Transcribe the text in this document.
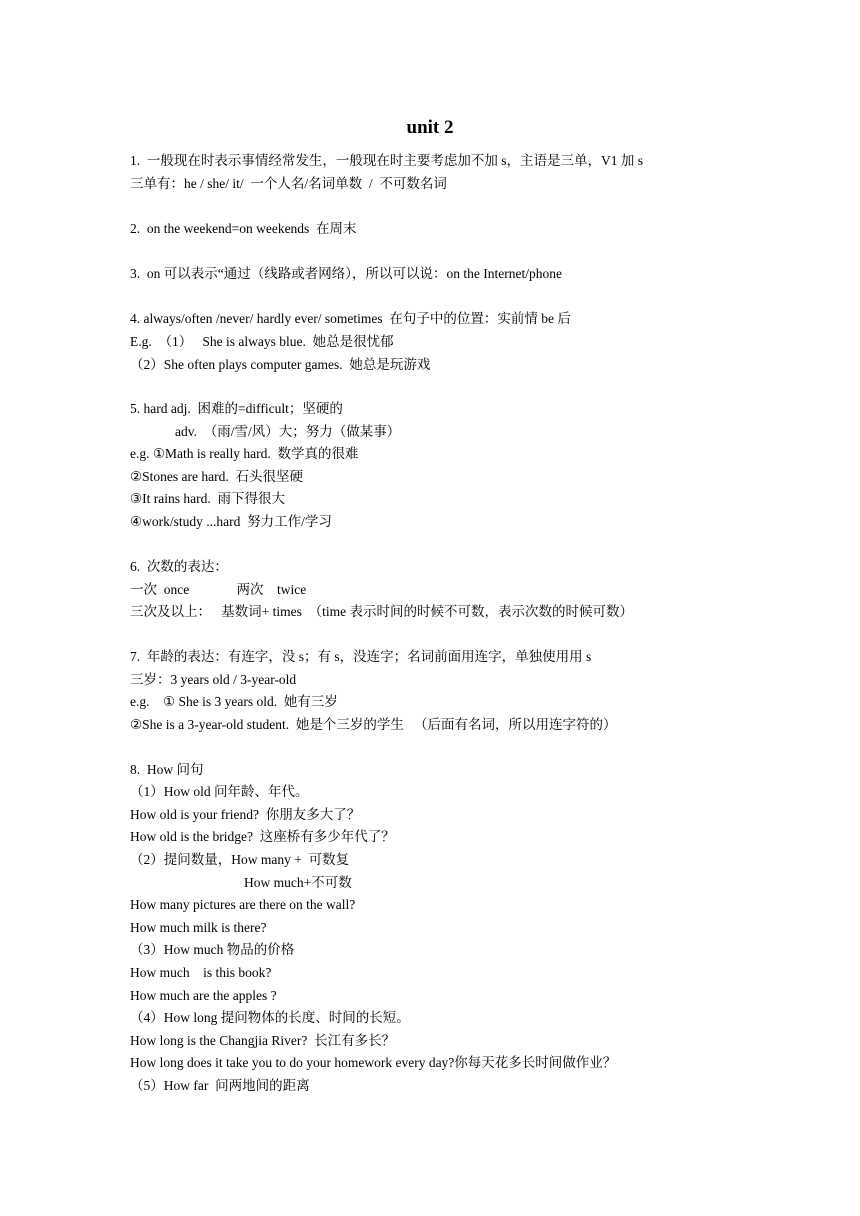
unit 2
1.  一般现在时表示事情经常发生，一般现在时主要考虑加不加 s，主语是三单，V1 加 s
三单有：he / she/ it/  一个人名/名词单数  /  不可数名词
2.  on the weekend=on weekends  在周末
3.  on 可以表示“通过（线路或者网络），所以可以说：on the Internet/phone
4. always/often /never/ hardly ever/ sometimes  在句子中的位置：实前情 be 后
E.g.  （1）   She is always blue.  她总是很忧郁
（2）She often plays computer games.  她总是玩游戏
5. hard adj.  困难的=difficult；坚硬的
adv.  （雨/雪/风）大；努力（做某事）
e.g. ①Math is really hard.  数学真的很难
②Stones are hard.  石头很坚硬
③It rains hard.  雨下得很大
④work/study ...hard  努力工作/学习
6.  次数的表达：
一次  once              两次    twice
三次及以上：   基数词+ times  （time 表示时间的时候不可数，表示次数的时候可数）
7.  年龄的表达：有连字，没 s；有 s，没连字；名词前面用连字，单独使用用 s
三岁：3 years old / 3-year-old
e.g.    ① She is 3 years old.  她有三岁
②She is a 3-year-old student.  她是个三岁的学生   （后面有名词，所以用连字符的）
8.  How 问句
（1）How old 问年龄、年代。
How old is your friend?  你朋友多大了？
How old is the bridge?  这座桥有多少年代了？
（2）提问数量，How many +  可数复
How much+不可数
How many pictures are there on the wall?
How much milk is there?
（3）How much 物品的价格
How much    is this book?
How much are the apples ?
（4）How long 提问物体的长度、时间的长短。
How long is the Changjia River?  长江有多长？
How long does it take you to do your homework every day?你每天花多长时间做作业？
（5）How far  问两地间的距离
